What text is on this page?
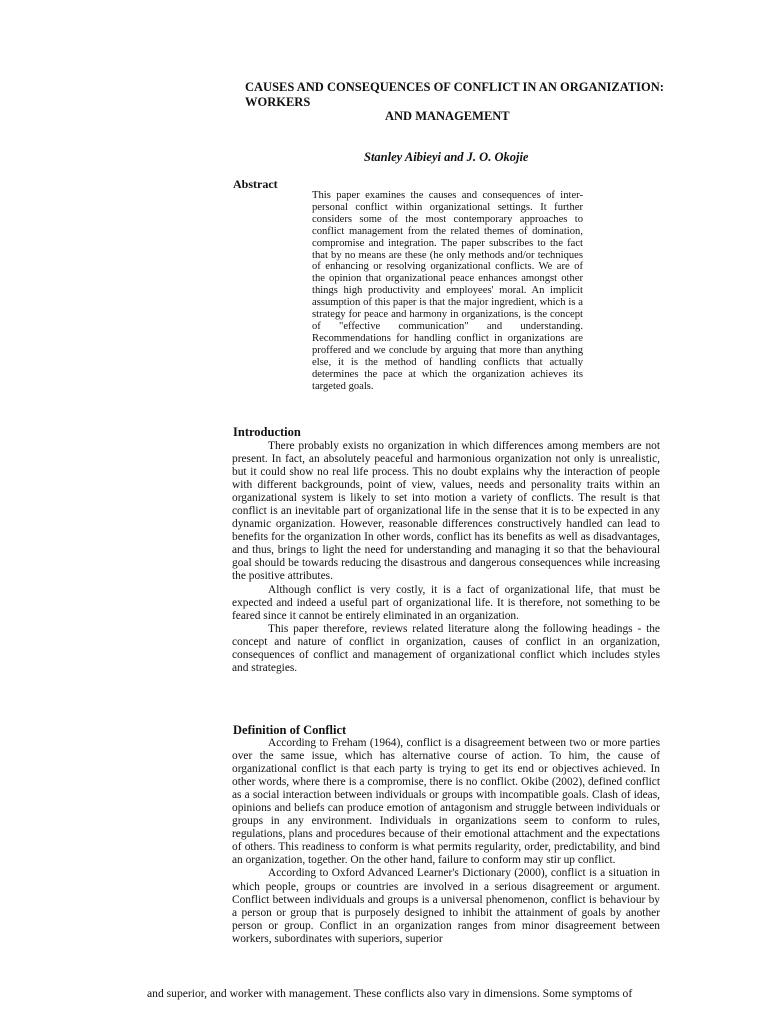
CAUSES AND CONSEQUENCES OF CONFLICT IN AN ORGANIZATION: WORKERS
AND MANAGEMENT
Stanley Aibieyi and J. O. Okojie
Abstract
This paper examines the causes and consequences of inter-personal conflict within organizational settings. It further considers some of the most contemporary approaches to conflict management from the related themes of domination, compromise and integration. The paper subscribes to the fact that by no means are these (he only methods and/or techniques of enhancing or resolving organizational conflicts. We are of the opinion that organizational peace enhances amongst other things high productivity and employees' moral. An implicit assumption of this paper is that the major ingredient, which is a strategy for peace and harmony in organizations, is the concept of "effective communication" and understanding. Recommendations for handling conflict in organizations are proffered and we conclude by arguing that more than anything else, it is the method of handling conflicts that actually determines the pace at which the organization achieves its targeted goals.
Introduction

There probably exists no organization in which differences among members are not present. In fact, an absolutely peaceful and harmonious organization not only is unrealistic, but it could show no real life process. This no doubt explains why the interaction of people with different backgrounds, point of view, values, needs and personality traits within an organizational system is likely to set into motion a variety of conflicts. The result is that conflict is an inevitable part of organizational life in the sense that it is to be expected in any dynamic organization. However, reasonable differences constructively handled can lead to benefits for the organization In other words, conflict has its benefits as well as disadvantages, and thus, brings to light the need for understanding and managing it so that the behavioural goal should be towards reducing the disastrous and dangerous consequences while increasing the positive attributes.

Although conflict is very costly, it is a fact of organizational life, that must be expected and indeed a useful part of organizational life. It is therefore, not something to be feared since it cannot be entirely eliminated in an organization.

This paper therefore, reviews related literature along the following headings - the concept and nature of conflict in organization, causes of conflict in an organization, consequences of conflict and management of organizational conflict which includes styles and strategies.

Definition of Conflict

According to Freham (1964), conflict is a disagreement between two or more parties over the same issue, which has alternative course of action. To him, the cause of organizational conflict is that each party is trying to get its end or objectives achieved. In other words, where there is a compromise, there is no conflict. Okibe (2002), defined conflict as a social interaction between individuals or groups with incompatible goals. Clash of ideas, opinions and beliefs can produce emotion of antagonism and struggle between individuals or groups in any environment. Individuals in organizations seem to conform to rules, regulations, plans and procedures because of their emotional attachment and the expectations of others. This readiness to conform is what permits regularity, order, predictability, and bind an organization, together. On the other hand, failure to conform may stir up conflict.

According to Oxford Advanced Learner's Dictionary (2000), conflict is a situation in which people, groups or countries are involved in a serious disagreement or argument. Conflict between individuals and groups is a universal phenomenon, conflict is behaviour by a person or group that is purposely designed to inhibit the attainment of goals by another person or group. Conflict in an organization ranges from minor disagreement between workers, subordinates with superiors, superior

and superior, and worker with management. These conflicts also vary in dimensions. Some symptoms of
